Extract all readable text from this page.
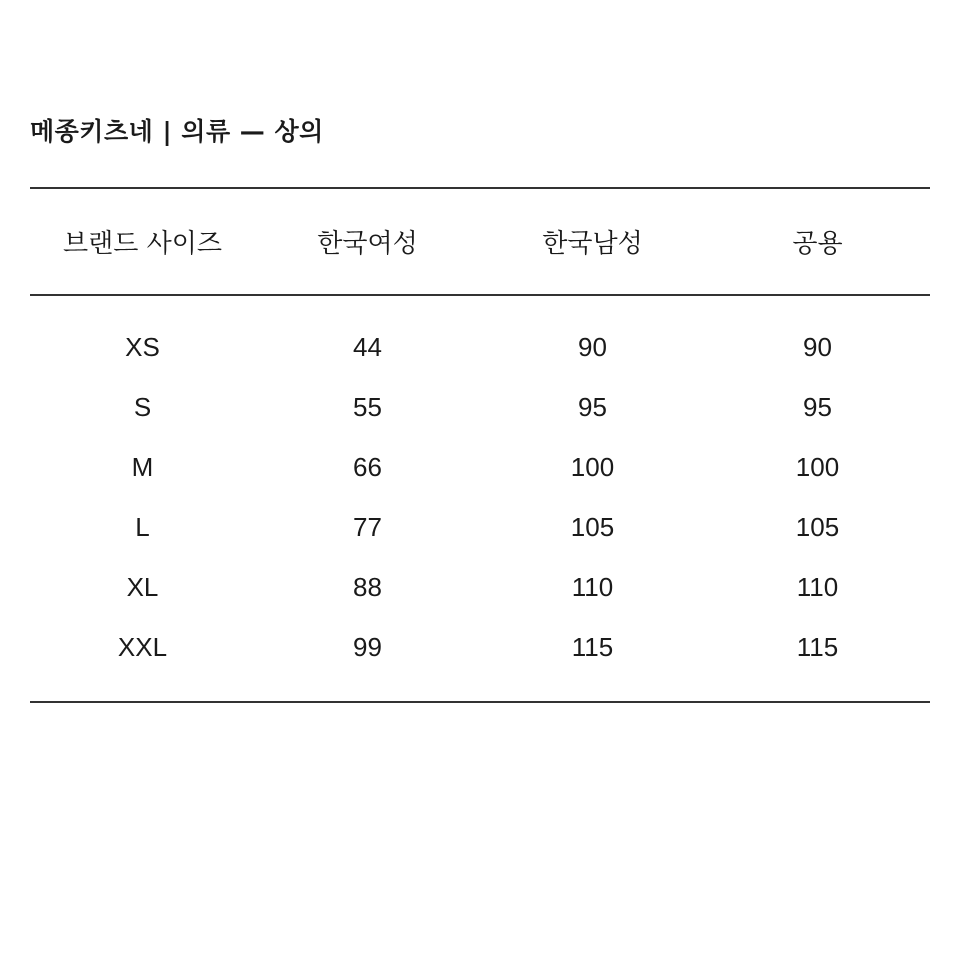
메종키츠네 | 의류 — 상의
브랜드 사이즈	한국여성	한국남성	공용

XS	44	90	90
S	55	95	95
M	66	100	100
L	77	105	105
XL	88	110	110
XXL	99	115	115
